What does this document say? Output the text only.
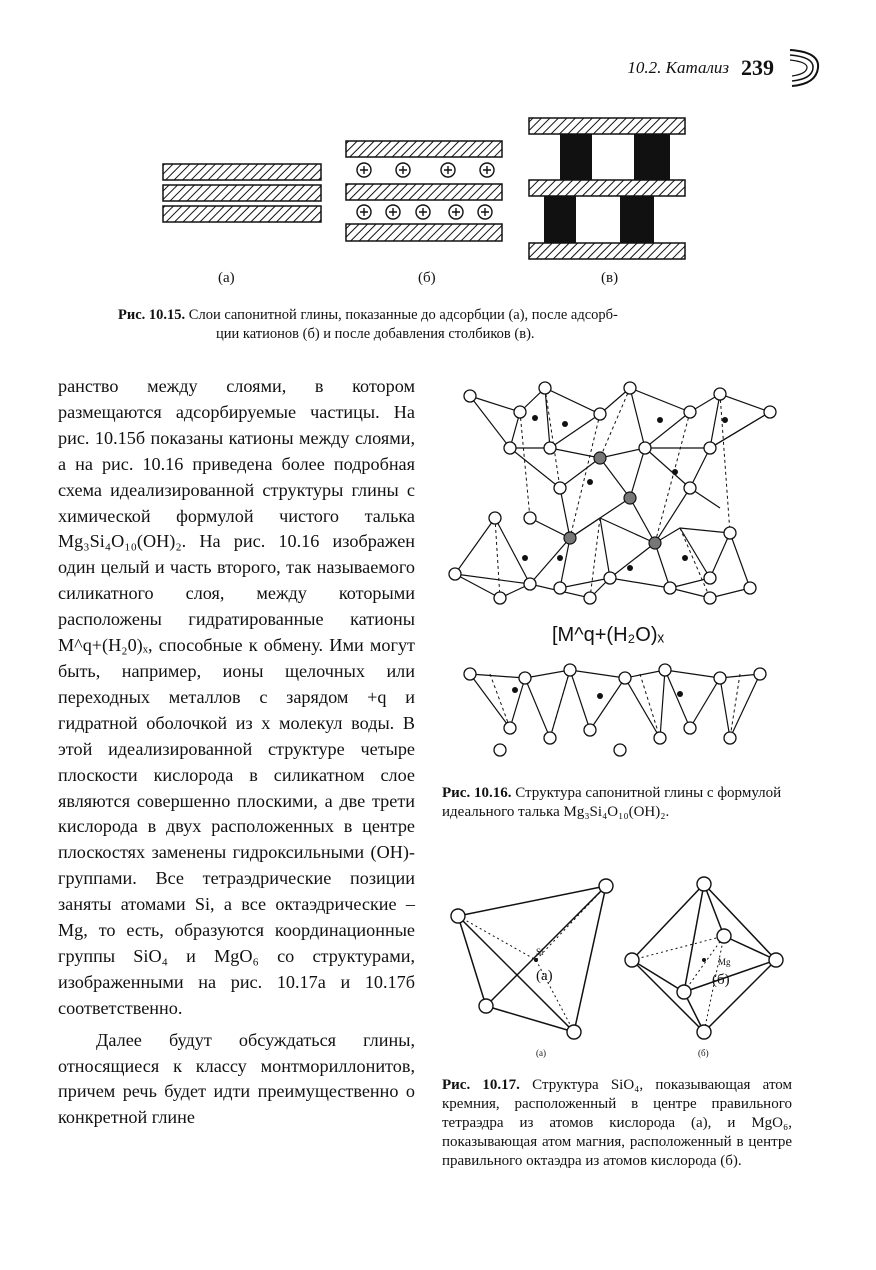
10.2. Катализ 239
(а)	(б)	(в)
Рис. 10.15. Слои сапонитной глины, показанные до адсорбции (а), после адсорб-
ции катионов (б) и после добавления столбиков (в).

ранство между слоями, в котором размещаются адсорбируемые частицы. На рис. 10.15б показаны катионы между слоями, а на рис. 10.16 приведена более подробная схема идеализированной структуры глины с химической формулой чистого талька Mg₃Si₄O₁₀(OH)₂. На рис. 10.16 изображен один целый и часть второго, так называемого силикатного слоя, между которыми расположены гидратированные катионы M^q+(H₂0)ₓ, способные к обмену. Ими могут быть, например, ионы щелочных или переходных металлов с зарядом +q и гидратной оболочкой из x молекул воды. В этой идеализированной структуре четыре плоскости кислорода в силикатном слое являются совершенно плоскими, а две трети кислорода в двух расположенных в центре плоскостях заменены гидроксильными (OH)-группами. Все тетраэдрические позиции заняты атомами Si, а все октаэдрические – Mg, то есть, образуются координационные группы SiO₄ и MgO₆ со структурами, изображенными на рис. 10.17а и 10.17б соответственно.

Далее будут обсуждаться глины, относящиеся к классу монтмориллонитов, причем речь будет идти преимущественно о конкретной глине

[M^q+(H₂O)ₓ
Рис. 10.16. Структура сапонитной глины с формулой идеального талька Mg₃Si₄O₁₀(OH)₂.
Si
(а)
Mg
(б)
(а)	(б)
Рис. 10.17. Структура SiO₄, показывающая атом кремния, расположенный в центре правильного тетраэдра из атомов кислорода (а), и MgO₆, показывающая атом магния, расположенный в центре правильного октаэдра из атомов кислорода (б).
